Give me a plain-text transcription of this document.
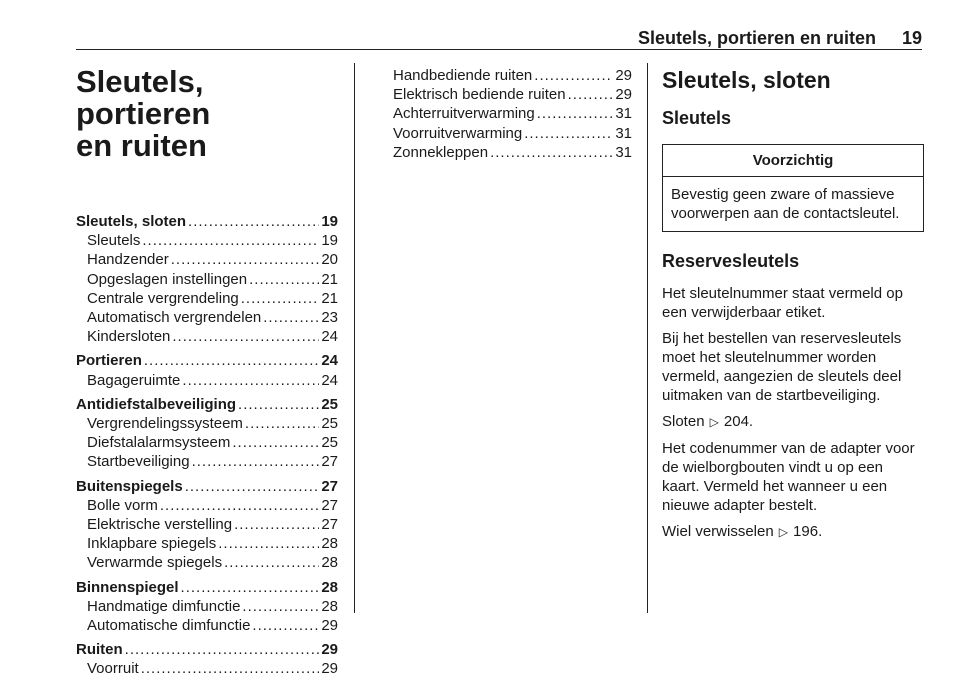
Sleutels, portieren en ruiten 19
Sleutels, portieren
en ruiten
Sleutels, sloten .....	19
Sleutels .....	19
Handzender .....	20
Opgeslagen instellingen .....	21
Centrale vergrendeling .....	21
Automatisch vergrendelen .....	23
Kindersloten .....	24
Portieren .....	24
Bagageruimte .....	24
Antidiefstalbeveiliging .....	25
Vergrendelingssysteem .....	25
Diefstalalarmsysteem .....	25
Startbeveiliging .....	27
Buitenspiegels .....	27
Bolle vorm .....	27
Elektrische verstelling .....	27
Inklapbare spiegels .....	28
Verwarmde spiegels .....	28
Binnenspiegel .....	28
Handmatige dimfunctie .....	28
Automatische dimfunctie .....	29
Ruiten .....	29
Voorruit .....	29
Handbediende ruiten .....	29
Elektrisch bediende ruiten .....	29
Achterruitverwarming .....	31
Voorruitverwarming .....	31
Zonnekleppen .....	31
Sleutels, sloten
Sleutels
Voorzichtig
Bevestig geen zware of massieve voorwerpen aan de contactsleutel.
Reservesleutels

Het sleutelnummer staat vermeld op een verwijderbaar etiket.

Bij het bestellen van reservesleutels moet het sleutelnummer worden vermeld, aangezien de sleutels deel uitmaken van de startbeveiliging.

Sloten ▷ 204.

Het codenummer van de adapter voor de wielborgbouten vindt u op een kaart. Vermeld het wanneer u een nieuwe adapter bestelt.

Wiel verwisselen ▷ 196.
